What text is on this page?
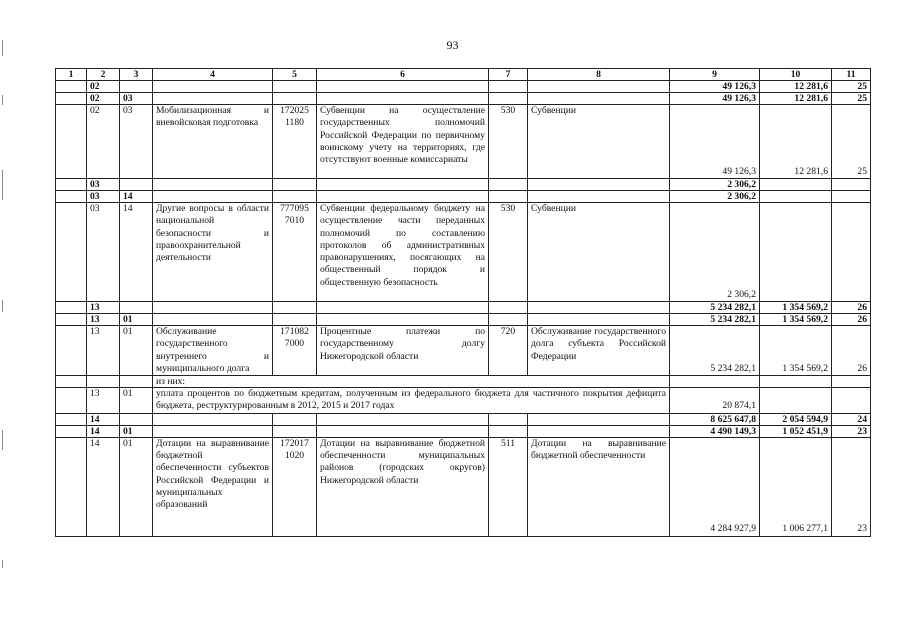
93
1	2	3	4	5	6	7	8	9	10	11
	02							49 126,3	12 281,6	25
	02	03						49 126,3	12 281,6	25
	02	03	Мобилизационная и вневойсковая подготовка	172025 1180	Субвенции на осуществление государственных полномочий Российской Федерации по первичному воинскому учету на территориях, где отсутствуют военные комиссариаты	530	Субвенции	49 126,3	12 281,6	25
	03							2 306,2		
	03	14						2 306,2		
	03	14	Другие вопросы в области национальной безопасности и правоохранительной деятельности	777095 7010	Субвенции федеральному бюджету на осуществление части переданных полномочий по составлению протоколов об административных правонарушениях, посягающих на общественный порядок и общественную безопасность	530	Субвенции	2 306,2		
	13							5 234 282,1	1 354 569,2	26
	13	01						5 234 282,1	1 354 569,2	26
	13	01	Обслуживание государственного внутреннего и муниципального долга	171082 7000	Процентные платежи по государственному долгу Нижегородской области	720	Обслуживание государственного долга субъекта Российской Федерации	5 234 282,1	1 354 569,2	26
			из них:							
	13	01	уплата процентов по бюджетным кредитам, полученным из федерального бюджета для частичного покрытия дефицита бюджета, реструктурированным в 2012, 2015 и 2017 годах					20 874,1		
	14							8 625 647,8	2 054 594,9	24
	14	01						4 490 149,3	1 052 451,9	23
	14	01	Дотации на выравнивание бюджетной обеспеченности субъектов Российской Федерации и муниципальных образований	172017 1020	Дотации на выравнивание бюджетной обеспеченности муниципальных районов (городских округов) Нижегородской области	511	Дотации на выравнивание бюджетной обеспеченности	4 284 927,9	1 006 277,1	23
